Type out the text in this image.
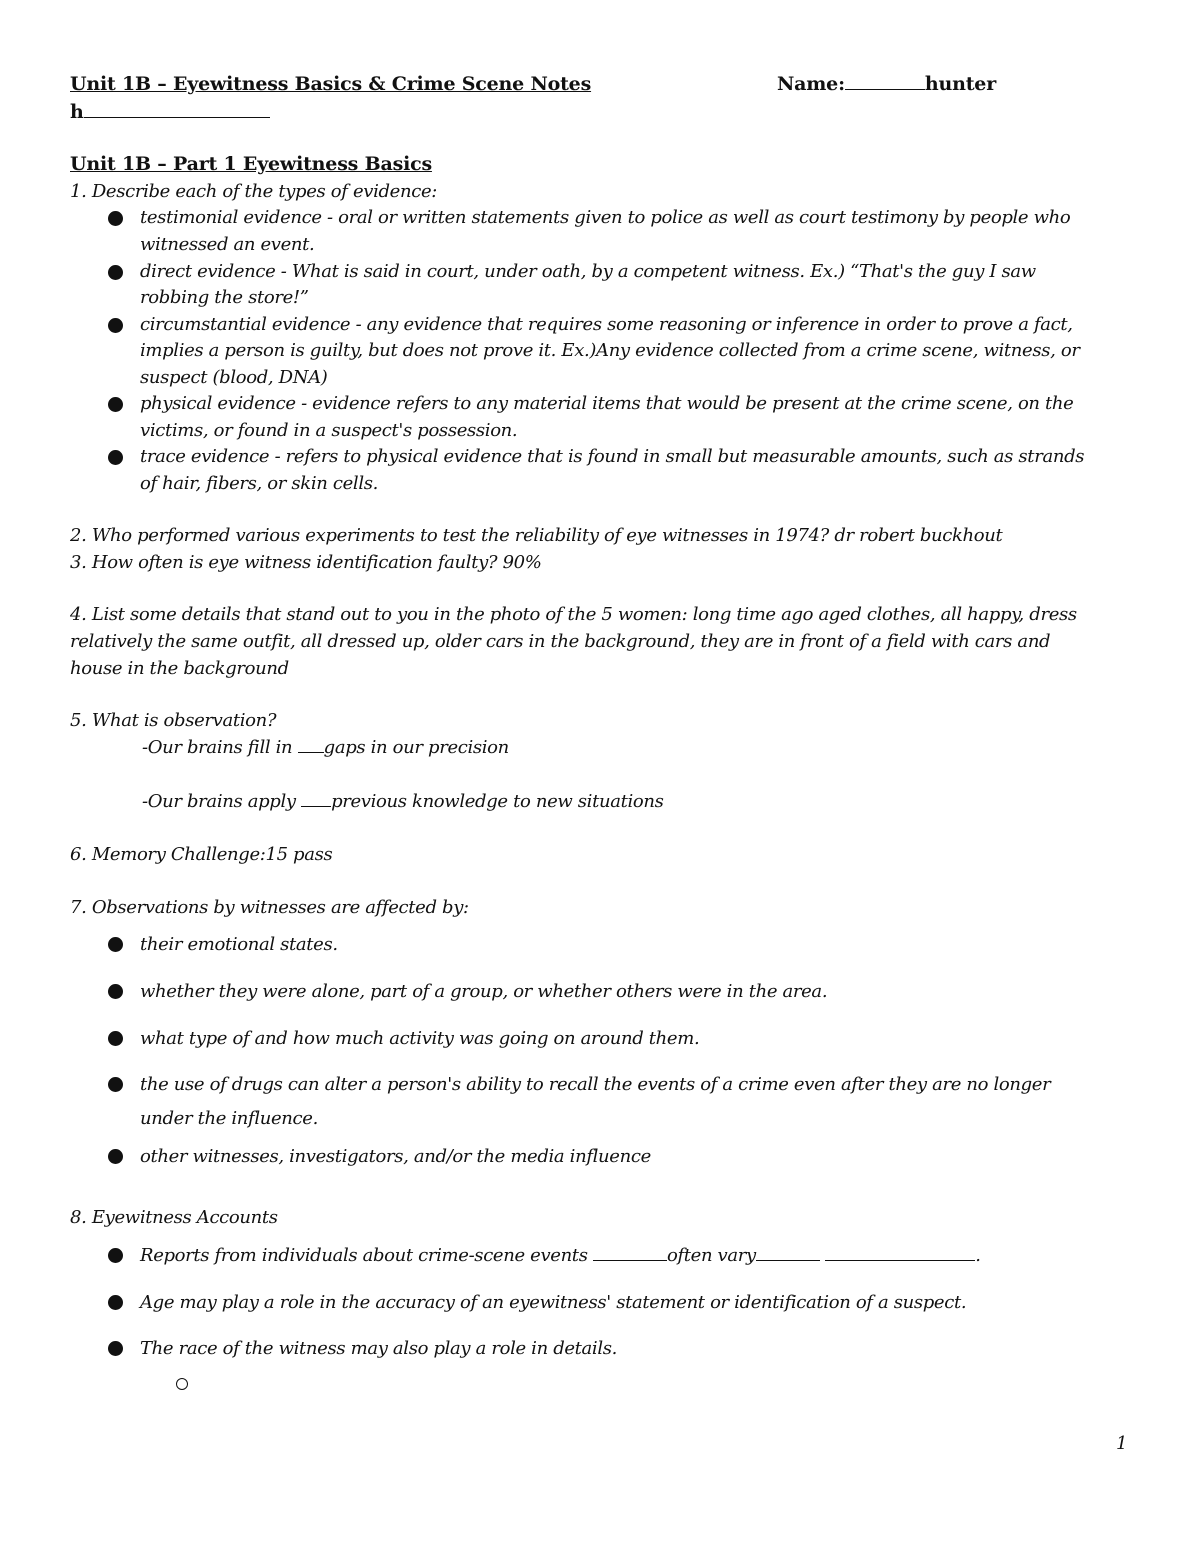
Unit 1B – Eyewitness Basics & Crime Scene Notes	Name:	hunter
h
Unit 1B – Part 1 Eyewitness Basics
1. Describe each of the types of evidence:
testimonial evidence - oral or written statements given to police as well as court testimony by people who
witnessed an event.
direct evidence - What is said in court, under oath, by a competent witness. Ex.) “That's the guy I saw
robbing the store!”
circumstantial evidence - any evidence that requires some reasoning or inference in order to prove a fact,
implies a person is guilty, but does not prove it. Ex.)Any evidence collected from a crime scene, witness, or
suspect (blood, DNA)
physical evidence - evidence refers to any material items that would be present at the crime scene, on the
victims, or found in a suspect's possession.
trace evidence - refers to physical evidence that is found in small but measurable amounts, such as strands
of hair, fibers, or skin cells.
2. Who performed various experiments to test the reliability of eye witnesses in 1974? dr robert buckhout
3. How often is eye witness identification faulty? 90%
4. List some details that stand out to you in the photo of the 5 women: long time ago aged clothes, all happy, dress
relatively the same outfit, all dressed up, older cars in the background, they are in front of a field with cars and
house in the background
5. What is observation?
-Our brains fill in gaps in our precision
-Our brains apply previous knowledge to new situations
6. Memory Challenge:15 pass
7. Observations by witnesses are affected by:
their emotional states.
whether they were alone, part of a group, or whether others were in the area.
what type of and how much activity was going on around them.
the use of drugs can alter a person's ability to recall the events of a crime even after they are no longer
under the influence.
other witnesses, investigators, and/or the media influence
8. Eyewitness Accounts
Reports from individuals about crime-scene events	often vary	.
Age may play a role in the accuracy of an eyewitness' statement or identification of a suspect.
The race of the witness may also play a role in details.
1
